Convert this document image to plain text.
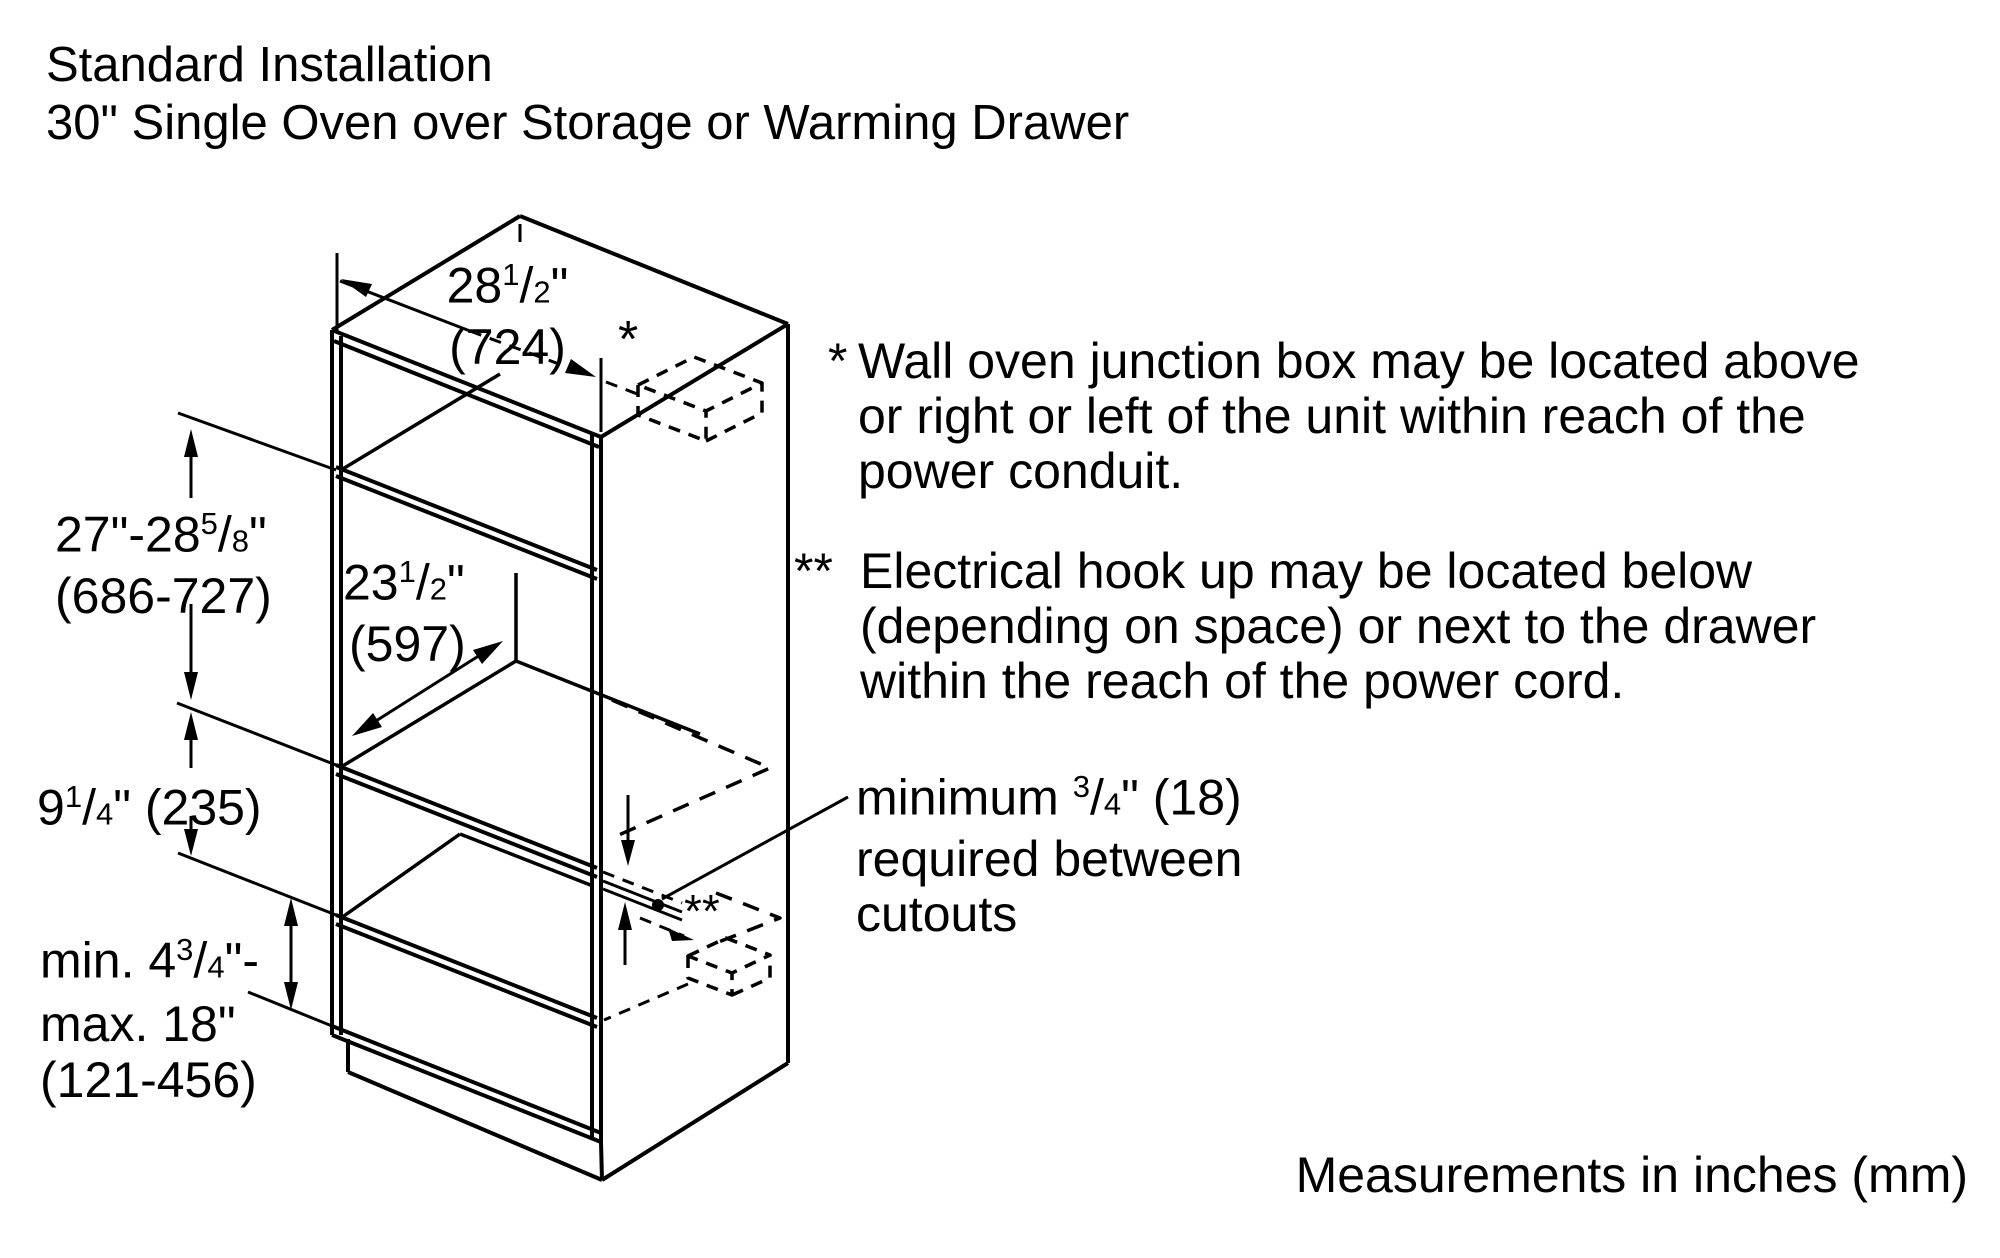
Standard Installation
30" Single Oven over Storage or Warming Drawer
28$^1$/2"
(724)
27"-28$^5$/8"
(686-727) 23$^1$/2"
(597)
9$^1$/4" (235)
min. 4$^3$/4"-
max. 18"
(121-456)
*
**
* Wall oven junction box may be located above
or right or left of the unit within reach of the
power conduit.
** Electrical hook up may be located below
(depending on space) or next to the drawer
within the reach of the power cord.
minimum $^3$/4" (18)
required between
cutouts
Measurements in inches (mm)
